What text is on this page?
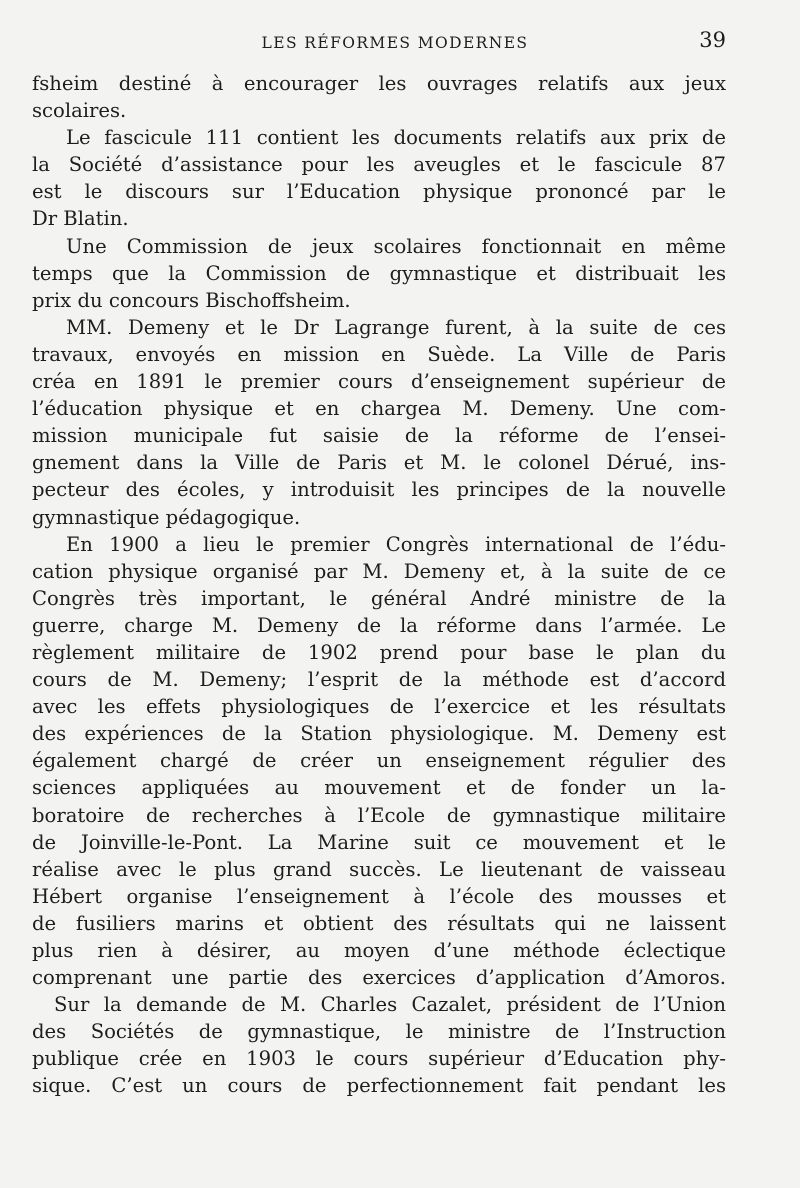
LES RÉFORMES MODERNES	39
fsheim destiné à encourager les ouvrages relatifs aux jeux
scolaires.
Le fascicule 111 contient les documents relatifs aux prix de
la Société d’assistance pour les aveugles et le fascicule 87
est le discours sur l’Education physique prononcé par le
Dr Blatin.
Une Commission de jeux scolaires fonctionnait en même
temps que la Commission de gymnastique et distribuait les
prix du concours Bischoffsheim.
MM. Demeny et le Dr Lagrange furent, à la suite de ces
travaux, envoyés en mission en Suède. La Ville de Paris
créa en 1891 le premier cours d’enseignement supérieur de
l’éducation physique et en chargea M. Demeny. Une com-
mission municipale fut saisie de la réforme de l’ensei-
gnement dans la Ville de Paris et M. le colonel Dérué, ins-
pecteur des écoles, y introduisit les principes de la nouvelle
gymnastique pédagogique.
En 1900 a lieu le premier Congrès international de l’édu-
cation physique organisé par M. Demeny et, à la suite de ce
Congrès très important, le général André ministre de la
guerre, charge M. Demeny de la réforme dans l’armée. Le
règlement militaire de 1902 prend pour base le plan du
cours de M. Demeny; l’esprit de la méthode est d’accord
avec les effets physiologiques de l’exercice et les résultats
des expériences de la Station physiologique. M. Demeny est
également chargé de créer un enseignement régulier des
sciences appliquées au mouvement et de fonder un la-
boratoire de recherches à l’Ecole de gymnastique militaire
de Joinville-le-Pont. La Marine suit ce mouvement et le
réalise avec le plus grand succès. Le lieutenant de vaisseau
Hébert organise l’enseignement à l’école des mousses et
de fusiliers marins et obtient des résultats qui ne laissent
plus rien à désirer, au moyen d’une méthode éclectique
comprenant une partie des exercices d’application d’Amoros.
Sur la demande de M. Charles Cazalet, président de l’Union
des Sociétés de gymnastique, le ministre de l’Instruction
publique crée en 1903 le cours supérieur d’Education phy-
sique. C’est un cours de perfectionnement fait pendant les
